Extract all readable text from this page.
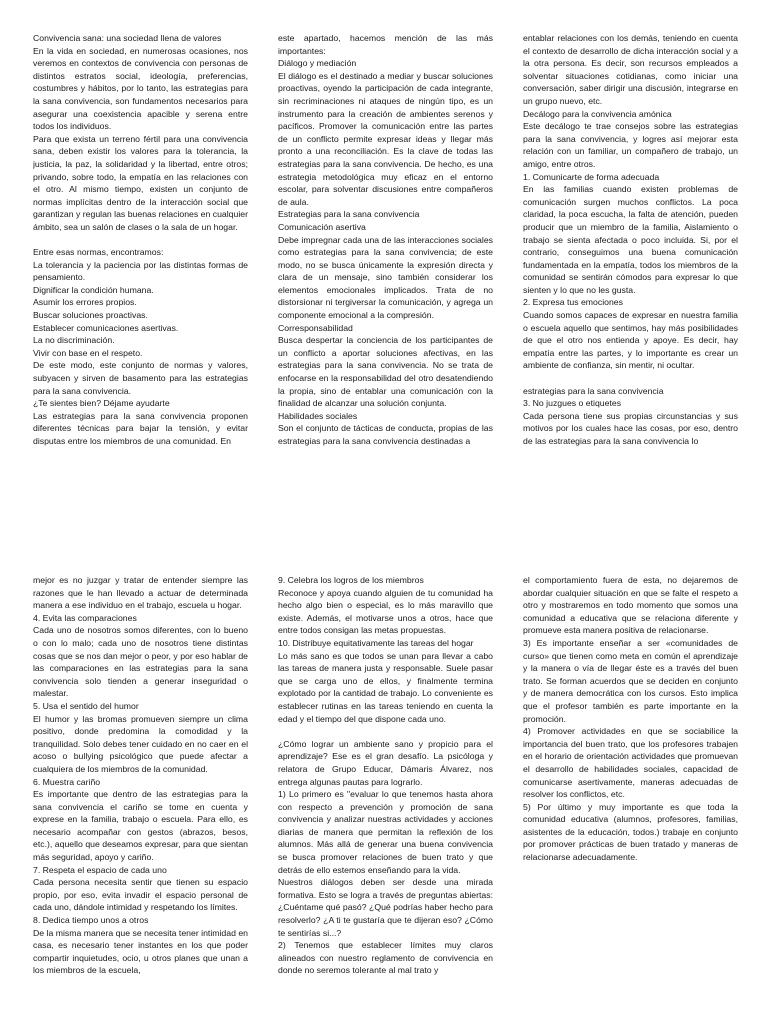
Convivencia sana: una sociedad llena de valores

En la vida en sociedad, en numerosas ocasiones, nos veremos en contextos de convivencia con personas de distintos estratos social, ideología, preferencias, costumbres y hábitos, por lo tanto, las estrategias para la sana convivencia, son fundamentos necesarios para asegurar una coexistencia apacible y serena entre todos los individuos.

Para que exista un terreno fértil para una convivencia sana, deben existir los valores para la tolerancia, la justicia, la paz, la solidaridad y la libertad, entre otros; privando, sobre todo, la empatía en las relaciones con el otro. Al mismo tiempo, existen un conjunto de normas implícitas dentro de la interacción social que garantizan y regulan las buenas relaciones en cualquier ámbito, sea un salón de clases o la sala de un hogar.

Entre esas normas, encontramos:

La tolerancia y la paciencia por las distintas formas de pensamiento.

Dignificar la condición humana.

Asumir los errores propios.

Buscar soluciones proactivas.

Establecer comunicaciones asertivas.

La no discriminación.

Vivir con base en el respeto.

De este modo, este conjunto de normas y valores, subyacen y sirven de basamento para las estrategias para la sana convivencia.

¿Te sientes bien? Déjame ayudarte

Las estrategias para la sana convivencia proponen diferentes técnicas para bajar la tensión, y evitar disputas entre los miembros de una comunidad. En

este apartado, hacemos mención de las más importantes:

Diálogo y mediación

El diálogo es el destinado a mediar y buscar soluciones proactivas, oyendo la participación de cada integrante, sin recriminaciones ni ataques de ningún tipo, es un instrumento para la creación de ambientes serenos y pacíficos. Promover la comunicación entre las partes de un conflicto permite expresar ideas y llegar más pronto a una reconciliación. Es la clave de todas las estrategias para la sana convivencia. De hecho, es una estrategia metodológica muy eficaz en el entorno escolar, para solventar discusiones entre compañeros de aula.

Estrategias para la sana convivencia

Comunicación asertiva

Debe impregnar cada una de las interacciones sociales como estrategias para la sana convivencia; de este modo, no se busca únicamente la expresión directa y clara de un mensaje, sino también considerar los elementos emocionales implicados. Trata de no distorsionar ni tergiversar la comunicación, y agrega un componente emocional a la compresión.

Corresponsabilidad

Busca despertar la conciencia de los participantes de un conflicto a aportar soluciones afectivas, en las estrategias para la sana convivencia. No se trata de enfocarse en la responsabilidad del otro desatendiendo la propia, sino de entablar una comunicación con la finalidad de alcanzar una solución conjunta.

Habilidades sociales

Son el conjunto de tácticas de conducta, propias de las estrategias para la sana convivencia destinadas a

entablar relaciones con los demás, teniendo en cuenta el contexto de desarrollo de dicha interacción social y a la otra persona. Es decir, son recursos empleados a solventar situaciones cotidianas, como iniciar una conversación, saber dirigir una discusión, integrarse en un grupo nuevo, etc.

Decálogo para la convivencia amónica

Este decálogo te trae consejos sobre las estrategias para la sana convivencia, y logres así mejorar esta relación con un familiar, un compañero de trabajo, un amigo, entre otros.

1. Comunicarte de forma adecuada

En las familias cuando existen problemas de comunicación surgen muchos conflictos. La poca claridad, la poca escucha, la falta de atención, pueden producir que un miembro de la familia, Aislamiento o trabajo se sienta afectada o poco incluida. Si, por el contrario, conseguimos una buena comunicación fundamentada en la empatía, todos los miembros de la comunidad se sentirán cómodos para expresar lo que sienten y lo que no les gusta.

2. Expresa tus emociones

Cuando somos capaces de expresar en nuestra familia o escuela aquello que sentimos, hay más posibilidades de que el otro nos entienda y apoye. Es decir, hay empatía entre las partes, y lo importante es crear un ambiente de confianza, sin mentir, ni ocultar.

estrategias para la sana convivencia

3. No juzgues o etiquetes

Cada persona tiene sus propias circunstancias y sus motivos por los cuales hace las cosas, por eso, dentro de las estrategias para la sana convivencia lo

mejor es no juzgar y tratar de entender siempre las razones que le han llevado a actuar de determinada manera a ese individuo en el trabajo, escuela u hogar.

4. Evita las comparaciones

Cada uno de nosotros somos diferentes, con lo bueno o con lo malo; cada uno de nosotros tiene distintas cosas que se nos dan mejor o peor, y por eso hablar de las comparaciones en las estrategias para la sana convivencia solo tienden a generar inseguridad o malestar.

5. Usa el sentido del humor

El humor y las bromas promueven siempre un clima positivo, donde predomina la comodidad y la tranquilidad. Solo debes tener cuidado en no caer en el acoso o bullying psicológico que puede afectar a cualquiera de los miembros de la comunidad.

6. Muestra cariño

Es importante que dentro de las estrategias para la sana convivencia el cariño se tome en cuenta y exprese en la familia, trabajo o escuela. Para ello, es necesario acompañar con gestos (abrazos, besos, etc.), aquello que deseamos expresar, para que sientan más seguridad, apoyo y cariño.

7. Respeta el espacio de cada uno

Cada persona necesita sentir que tienen su espacio propio, por eso, evita invadir el espacio personal de cada uno, dándole intimidad y respetando los límites.

8. Dedica tiempo unos a otros

De la misma manera que se necesita tener intimidad en casa, es necesario tener instantes en los que poder compartir inquietudes, ocio, u otros planes que unan a los miembros de la escuela,

9. Celebra los logros de los miembros

Reconoce y apoya cuando alguien de tu comunidad ha hecho algo bien o especial, es lo más maravillo que existe. Además, el motivarse unos a otros, hace que entre todos consigan las metas propuestas.

10. Distribuye equitativamente las tareas del hogar

Lo más sano es que todos se unan para llevar a cabo las tareas de manera justa y responsable. Suele pasar que se carga uno de ellos, y finalmente termina explotado por la cantidad de trabajo. Lo conveniente es establecer rutinas en las tareas teniendo en cuenta la edad y el tiempo del que dispone cada uno.

¿Cómo lograr un ambiente sano y propicio para el aprendizaje? Ese es el gran desafío. La psicóloga y relatora de Grupo Educar, Dámaris Álvarez, nos entrega algunas pautas para lograrlo.

1) Lo primero es "evaluar lo que tenemos hasta ahora con respecto a prevención y promoción de sana convivencia y analizar nuestras actividades y acciones diarias de manera que permitan la reflexión de los alumnos. Más allá de generar una buena convivencia se busca promover relaciones de buen trato y que detrás de ello estemos enseñando para la vida.

Nuestros diálogos deben ser desde una mirada formativa. Esto se logra a través de preguntas abiertas: ¿Cuéntame qué pasó? ¿Qué podrías haber hecho para resolverlo? ¿A ti te gustaría que te dijeran eso? ¿Cómo te sentirías si...?

2) Tenemos que establecer límites muy claros alineados con nuestro reglamento de convivencia en donde no seremos tolerante al mal trato y

el comportamiento fuera de esta, no dejaremos de abordar cualquier situación en que se falte el respeto a otro y mostraremos en todo momento que somos una comunidad a educativa que se relaciona diferente y promueve esta manera positiva de relacionarse.

3) Es importante enseñar a ser «comunidades de curso» que tienen como meta en común el aprendizaje y la manera o vía de llegar éste es a través del buen trato. Se forman acuerdos que se deciden en conjunto y de manera democrática con los cursos. Esto implica que el profesor también es parte importante en la promoción.

4) Promover actividades en que se sociabilice la importancia del buen trato, que los profesores trabajen en el horario de orientación actividades que promuevan el desarrollo de habilidades sociales, capacidad de comunicarse asertivamente, maneras adecuadas de resolver los conflictos, etc.

5) Por último y muy importante es que toda la comunidad educativa (alumnos, profesores, familias, asistentes de la educación, todos.) trabaje en conjunto por promover prácticas de buen tratado y maneras de relacionarse adecuadamente.
